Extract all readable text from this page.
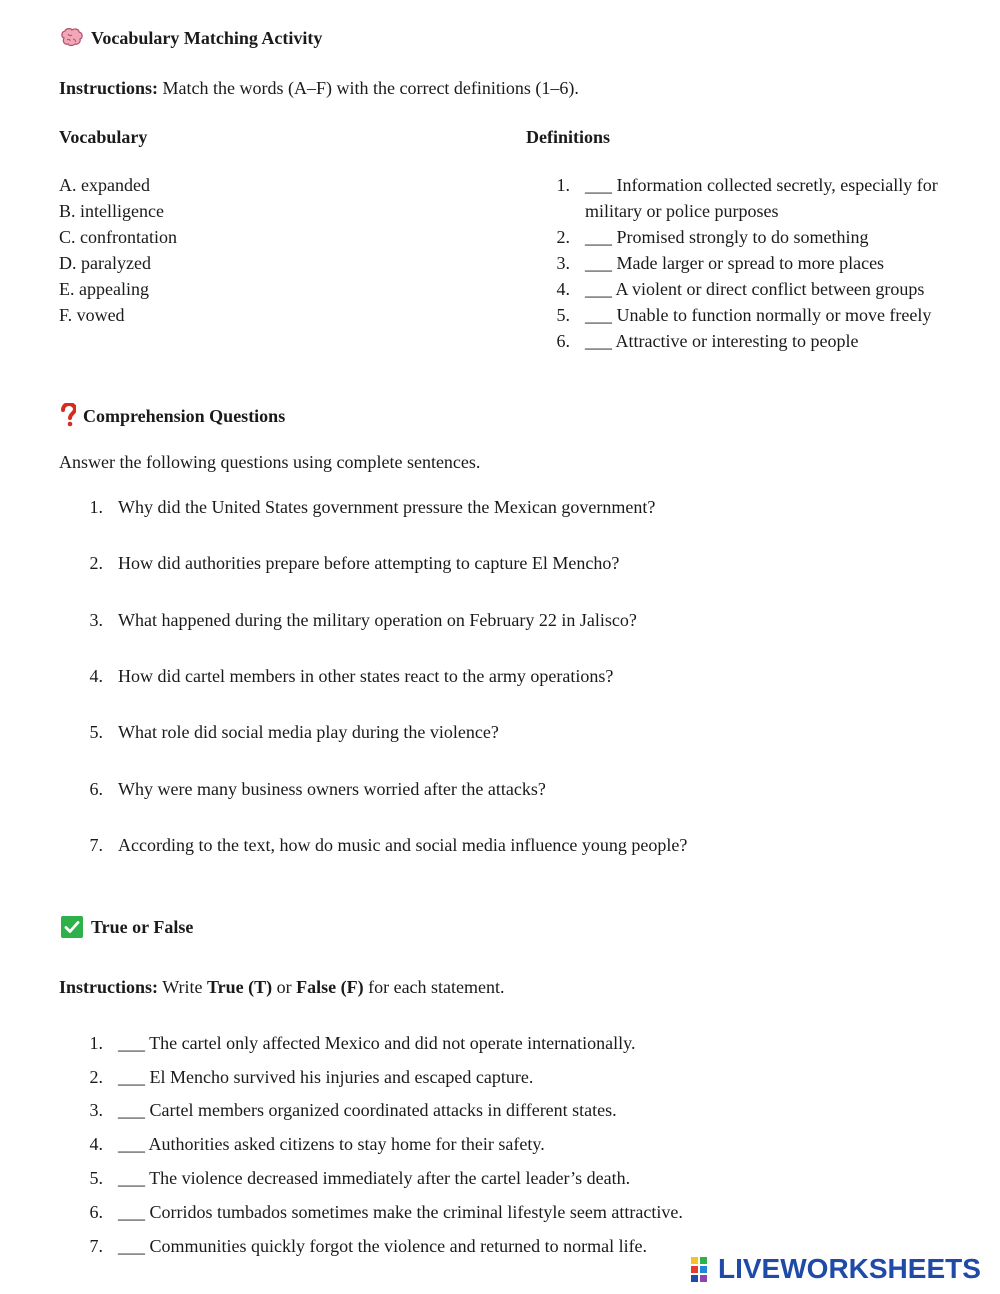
Vocabulary Matching Activity
Instructions: Match the words (A–F) with the correct definitions (1–6).
Vocabulary	Definitions
A. expanded
B. intelligence
C. confrontation
D. paralyzed
E. appealing
F. vowed
1. ___ Information collected secretly, especially for
military or police purposes
2. ___ Promised strongly to do something
3. ___ Made larger or spread to more places
4. ___ A violent or direct conflict between groups
5. ___ Unable to function normally or move freely
6. ___ Attractive or interesting to people
Comprehension Questions
Answer the following questions using complete sentences.
1. Why did the United States government pressure the Mexican government?
2. How did authorities prepare before attempting to capture El Mencho?
3. What happened during the military operation on February 22 in Jalisco?
4. How did cartel members in other states react to the army operations?
5. What role did social media play during the violence?
6. Why were many business owners worried after the attacks?
7. According to the text, how do music and social media influence young people?
True or False
Instructions: Write True (T) or False (F) for each statement.
1. ___ The cartel only affected Mexico and did not operate internationally.
2. ___ El Mencho survived his injuries and escaped capture.
3. ___ Cartel members organized coordinated attacks in different states.
4. ___ Authorities asked citizens to stay home for their safety.
5. ___ The violence decreased immediately after the cartel leader’s death.
6. ___ Corridos tumbados sometimes make the criminal lifestyle seem attractive.
7. ___ Communities quickly forgot the violence and returned to normal life.
LIVEWORKSHEETS
